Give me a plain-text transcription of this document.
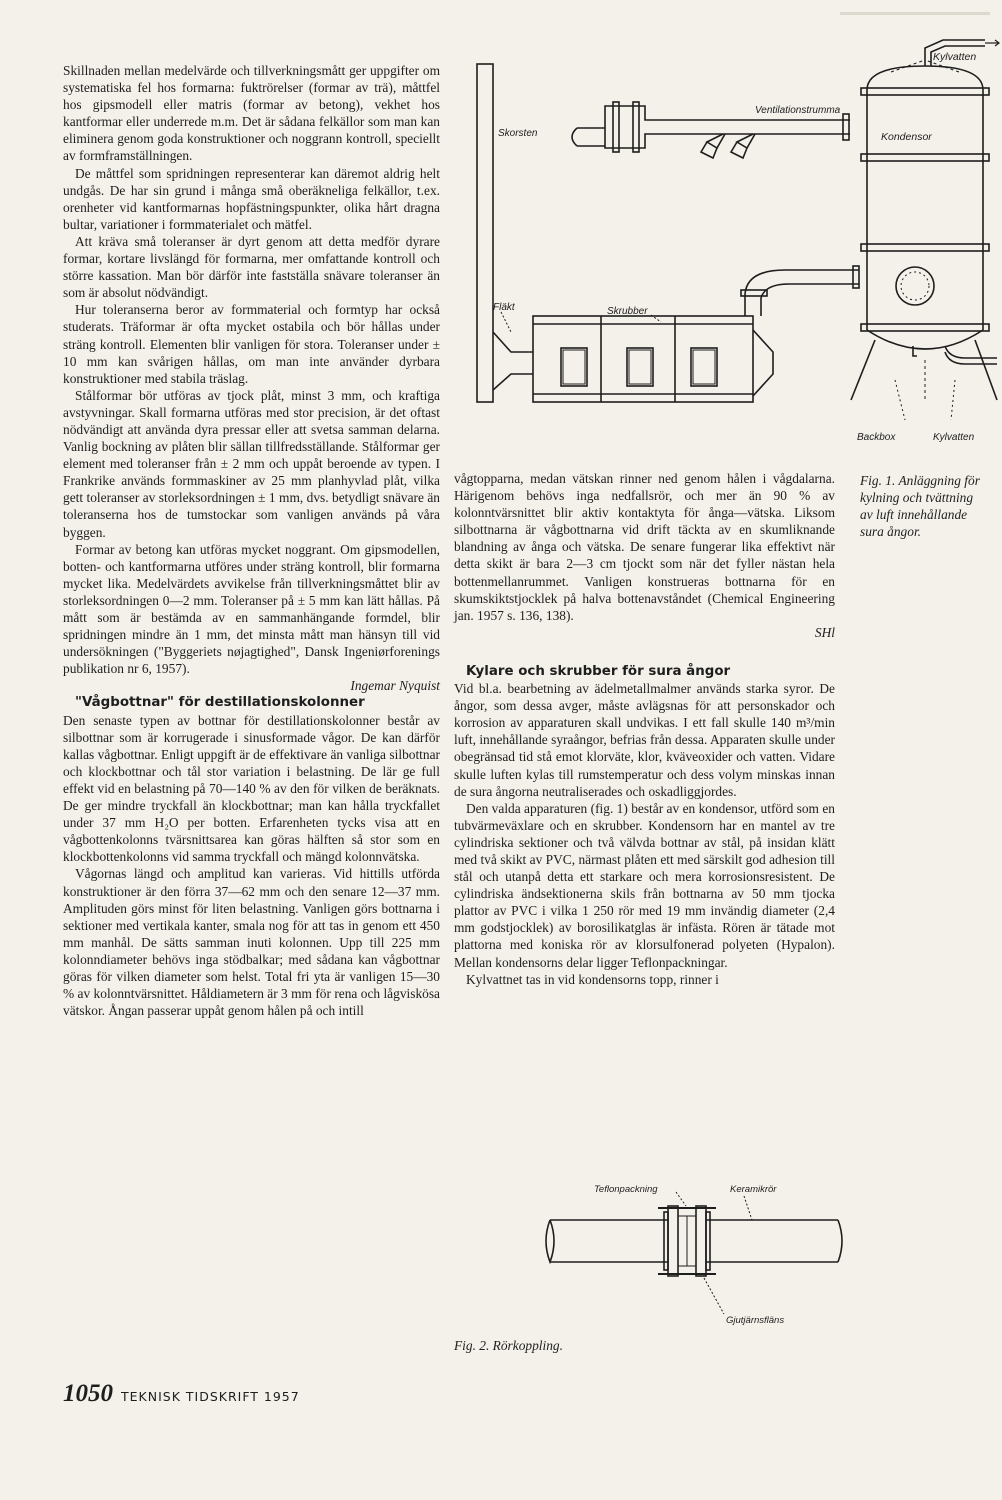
Skillnaden mellan medelvärde och tillverkningsmått ger uppgifter om systematiska fel hos formarna: fuktrörelser (formar av trä), måttfel hos gipsmodell eller matris (formar av betong), vekhet hos kantformar eller underrede m.m. Det är sådana felkällor som man kan eliminera genom goda konstruktioner och noggrann kontroll, speciellt av formframställningen.

De måttfel som spridningen representerar kan däremot aldrig helt undgås. De har sin grund i många små oberäkneliga felkällor, t.ex. orenheter vid kantformarnas hopfästningspunkter, olika hårt dragna bultar, variationer i formmaterialet och mätfel.

Att kräva små toleranser är dyrt genom att detta medför dyrare formar, kortare livslängd för formarna, mer omfattande kontroll och större kassation. Man bör därför inte fastställa snävare toleranser än som är absolut nödvändigt.

Hur toleranserna beror av formmaterial och formtyp har också studerats. Träformar är ofta mycket ostabila och bör hållas under sträng kontroll. Elementen blir vanligen för stora. Toleranser under ± 10 mm kan svårigen hållas, om man inte använder dyrbara konstruktioner med stabila träslag.

Stålformar bör utföras av tjock plåt, minst 3 mm, och kraftiga avstyvningar. Skall formarna utföras med stor precision, är det oftast nödvändigt att använda dyra pressar eller att svetsa samman delarna. Vanlig bockning av plåten blir sällan tillfredsställande. Stålformar ger element med toleranser från ± 2 mm och uppåt beroende av typen. I Frankrike används formmaskiner av 25 mm planhyvlad plåt, vilka gett toleranser av storleksordningen ± 1 mm, dvs. betydligt snävare än toleranserna hos de tumstockar som vanligen används på våra byggen.

Formar av betong kan utföras mycket noggrant. Om gipsmodellen, botten- och kantformarna utföres under sträng kontroll, blir formarna mycket lika. Medelvärdets avvikelse från tillverkningsmåttet blir av storleksordningen 0—2 mm. Toleranser på ± 5 mm kan lätt hållas. På mått som är bestämda av en sammanhängande formdel, blir spridningen mindre än 1 mm, det minsta mått man hänsyn till vid undersökningen ("Byggeriets nøjagtighed", Dansk Ingeniørforenings publikation nr 6, 1957).

Ingemar Nyquist

"Vågbottnar" för destillationskolonner

Den senaste typen av bottnar för destillationskolonner består av silbottnar som är korrugerade i sinusformade vågor. De kan därför kallas vågbottnar. Enligt uppgift är de effektivare än vanliga silbottnar och klockbottnar och tål stor variation i belastning. De lär ge full effekt vid en belastning på 70—140 % av den för vilken de beräknats. De ger mindre tryckfall än klockbottnar; man kan hålla tryckfallet under 37 mm H₂O per botten. Erfarenheten tycks visa att en vågbottenkolonns tvärsnittsarea kan göras hälften så stor som en klockbottenkolonns vid samma tryckfall och mängd kolonnvätska.

Vågornas längd och amplitud kan varieras. Vid hittills utförda konstruktioner är den förra 37—62 mm och den senare 12—37 mm. Amplituden görs minst för liten belastning. Vanligen görs bottnarna i sektioner med vertikala kanter, smala nog för att tas in genom ett 450 mm manhål. De sätts samman inuti kolonnen. Upp till 225 mm kolonndiameter behövs inga stödbalkar; med sådana kan vågbottnar göras för vilken diameter som helst. Total fri yta är vanligen 15—30 % av kolonntvärsnittet. Håldiametern är 3 mm för rena och lågviskösa vätskor. Ångan passerar uppåt genom hålen på och intill

Kylvatten
Ventilationstrumma
Skorsten	Kondensor
Fläkt	Skrubber
Backbox	Kylvatten
Fig. 1. Anläggning för kylning och tvättning av luft innehållande sura ångor.

vågtopparna, medan vätskan rinner ned genom hålen i vågdalarna. Härigenom behövs inga nedfallsrör, och mer än 90 % av kolonntvärsnittet blir aktiv kontaktyta för ånga—vätska. Liksom silbottnarna är vågbottnarna vid drift täckta av en skumliknande blandning av ånga och vätska. De senare fungerar lika effektivt när detta skikt är bara 2—3 cm tjockt som när det fyller nästan hela bottenmellanrummet. Vanligen konstrueras bottnarna för en skumskiktstjocklek på halva bottenavståndet (Chemical Engineering jan. 1957 s. 136, 138).

SHl

Kylare och skrubber för sura ångor

Vid bl.a. bearbetning av ädelmetallmalmer används starka syror. De ångor, som dessa avger, måste avlägsnas för att personskador och korrosion av apparaturen skall undvikas. I ett fall skulle 140 m³/min luft, innehållande syraångor, befrias från dessa. Apparaten skulle under obegränsad tid stå emot klorväte, klor, kväveoxider och vatten. Vidare skulle luften kylas till rumstemperatur och dess volym minskas innan de sura ångorna neutraliserades och oskadliggjordes.

Den valda apparaturen (fig. 1) består av en kondensor, utförd som en tubvärmeväxlare och en skrubber. Kondensorn har en mantel av tre cylindriska sektioner och två välvda bottnar av stål, på insidan klätt med två skikt av PVC, närmast plåten ett med särskilt god adhesion till stål och utanpå detta ett starkare och mera korrosionsresistent. De cylindriska ändsektionerna skils från bottnarna av 50 mm tjocka plattor av PVC i vilka 1 250 rör med 19 mm invändig diameter (2,4 mm godstjocklek) av borosilikatglas är infästa. Rören är tätade mot plattorna med koniska rör av klorsulfonerad polyeten (Hypalon). Mellan kondensorns delar ligger Teflonpackningar.

Kylvattnet tas in vid kondensorns topp, rinner i

Teflonpackning	Keramikrör
Gjutjärnsfläns
Fig. 2. Rörkoppling.
1050 TEKNISK TIDSKRIFT 1957
